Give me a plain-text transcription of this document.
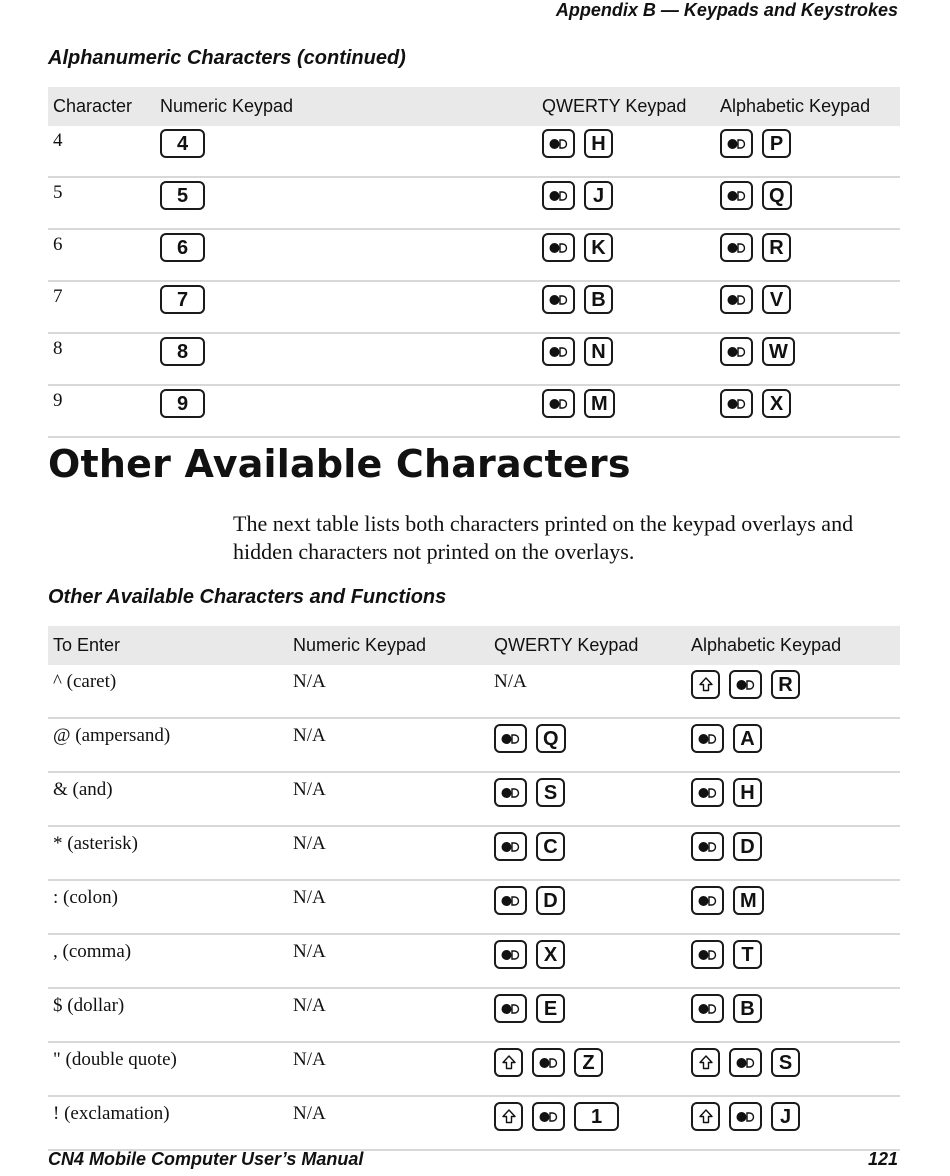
Appendix B — Keypads and Keystrokes
Alphanumeric Characters (continued)
Character	Numeric Keypad	QWERTY Keypad	Alphabetic Keypad
4	4	H	P

5	5	J	Q

6	6	K	R

7	7	B	V

8	8	N	W

9	9	M	X
Other Available Characters

The next table lists both characters printed on the keypad overlays and hidden characters not printed on the overlays.

Other Available Characters and Functions
To Enter	Numeric Keypad	QWERTY Keypad	Alphabetic Keypad
^ (caret)	N/A	N/A	R

@ (ampersand)	N/A	Q	A

& (and)	N/A	S	H

* (asterisk)	N/A	C	D

: (colon)	N/A	D	M

, (comma)	N/A	X	T

$ (dollar)	N/A	E	B

" (double quote)	N/A	Z	S

! (exclamation)	N/A	1	J
CN4 Mobile Computer User’s Manual	121
